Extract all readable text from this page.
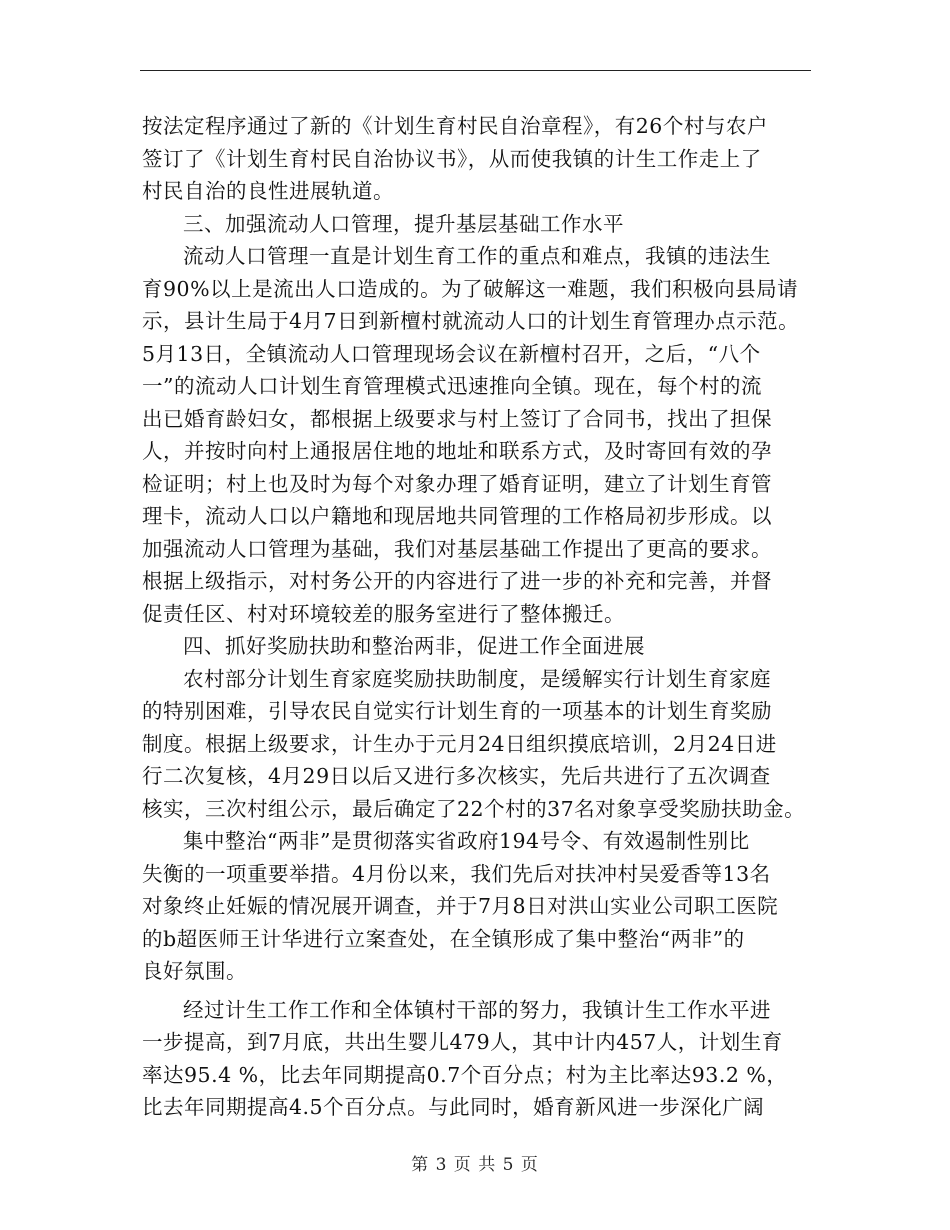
按法定程序通过了新的《计划生育村民自治章程》，有26个村与农户
签订了《计划生育村民自治协议书》，从而使我镇的计生工作走上了
村民自治的良性进展轨道。
三、加强流动人口管理，提升基层基础工作水平
流动人口管理一直是计划生育工作的重点和难点，我镇的违法生
育90%以上是流出人口造成的。为了破解这一难题，我们积极向县局请
示，县计生局于4月7日到新檀村就流动人口的计划生育管理办点示范。
5月13日，全镇流动人口管理现场会议在新檀村召开，之后，“八个
一”的流动人口计划生育管理模式迅速推向全镇。现在，每个村的流
出已婚育龄妇女，都根据上级要求与村上签订了合同书，找出了担保
人，并按时向村上通报居住地的地址和联系方式，及时寄回有效的孕
检证明；村上也及时为每个对象办理了婚育证明，建立了计划生育管
理卡，流动人口以户籍地和现居地共同管理的工作格局初步形成。以
加强流动人口管理为基础，我们对基层基础工作提出了更高的要求。
根据上级指示，对村务公开的内容进行了进一步的补充和完善，并督
促责任区、村对环境较差的服务室进行了整体搬迁。
四、抓好奖励扶助和整治两非，促进工作全面进展
农村部分计划生育家庭奖励扶助制度，是缓解实行计划生育家庭
的特别困难，引导农民自觉实行计划生育的一项基本的计划生育奖励
制度。根据上级要求，计生办于元月24日组织摸底培训，2月24日进
行二次复核，4月29日以后又进行多次核实，先后共进行了五次调查
核实，三次村组公示，最后确定了22个村的37名对象享受奖励扶助金。
集中整治“两非”是贯彻落实省政府194号令、有效遏制性别比
失衡的一项重要举措。4月份以来，我们先后对扶冲村吴爱香等13名
对象终止妊娠的情况展开调查，并于7月8日对洪山实业公司职工医院
的b超医师王计华进行立案查处，在全镇形成了集中整治“两非”的
良好氛围。
经过计生工作工作和全体镇村干部的努力，我镇计生工作水平进
一步提高，到7月底，共出生婴儿479人，其中计内457人，计划生育
率达95.4 %，比去年同期提高0.7个百分点；村为主比率达93.2 %，
比去年同期提高4.5个百分点。与此同时，婚育新风进一步深化广阔
第 3 页 共 5 页
